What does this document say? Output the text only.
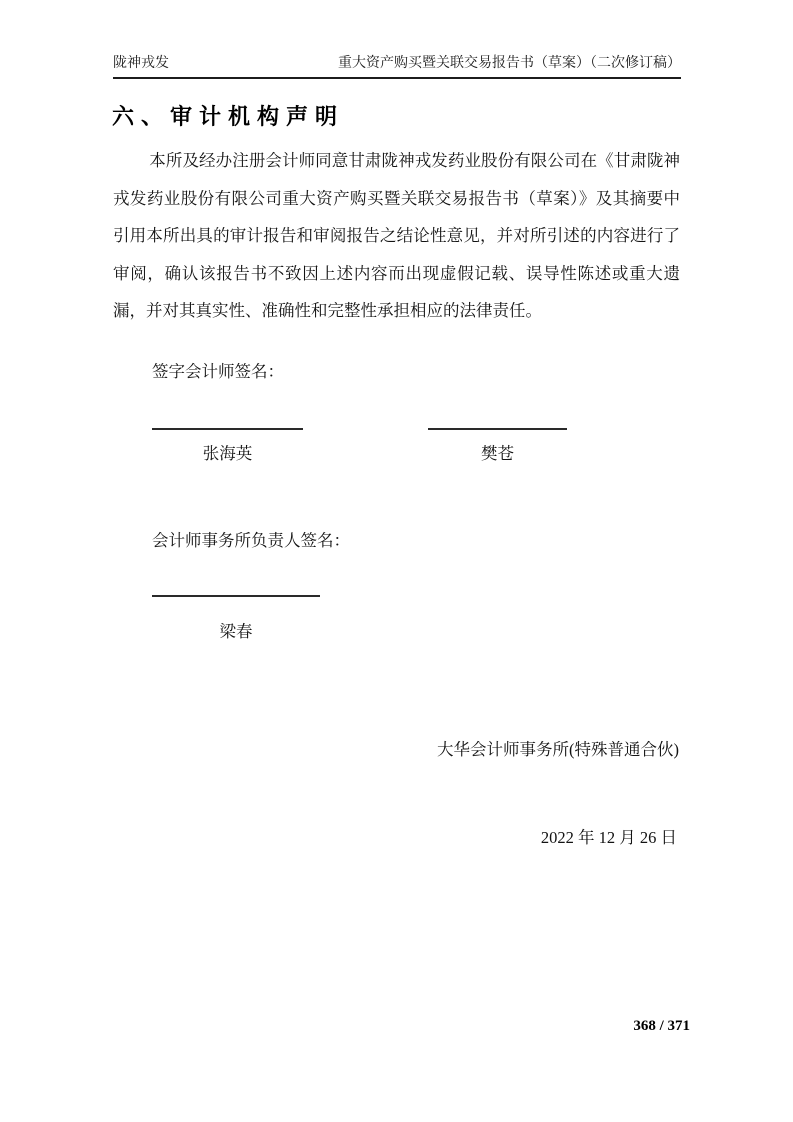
陇神戎发	重大资产购买暨关联交易报告书（草案）（二次修订稿）
六、审计机构声明

本所及经办注册会计师同意甘肃陇神戎发药业股份有限公司在《甘肃陇神戎发药业股份有限公司重大资产购买暨关联交易报告书（草案）》及其摘要中引用本所出具的审计报告和审阅报告之结论性意见，并对所引述的内容进行了审阅，确认该报告书不致因上述内容而出现虚假记载、误导性陈述或重大遗漏，并对其真实性、准确性和完整性承担相应的法律责任。

签字会计师签名：
张海英	樊苍
会计师事务所负责人签名：
梁春
大华会计师事务所(特殊普通合伙)
2022 年 12 月 26 日
368 / 371
